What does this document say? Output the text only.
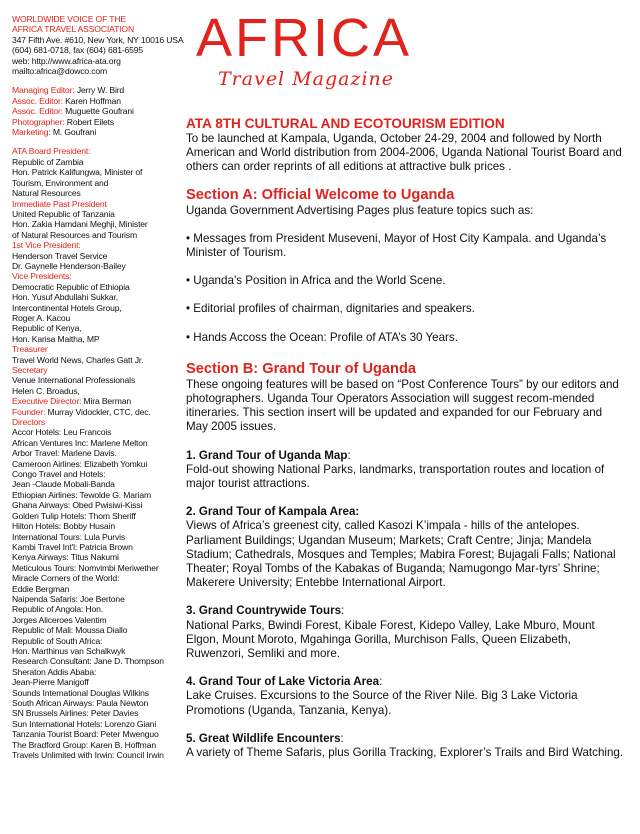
WORLDWIDE VOICE OF THE
AFRICA TRAVEL ASSOCIATION
347 Fifth Ave. #610, New York, NY 10016 USA
(604) 681-0718, fax (604) 681-6595
web: http://www.africa-ata.org
mailto:africa@dowco.com
Managing Editor: Jerry W. Bird
Assoc. Editor: Karen Hoffman
Assoc. Editor: Muguette Goufrani
Photographer: Robert Eilets
Marketing: M. Goufrani
ATA Board President:
Republic of Zambia
Hon. Patrick Kalifungwa, Minister of
Tourism, Environment and
Natural Resources
Immediate Past President
United Republic of Tanzania
Hon. Zakia Hamdani Meghji, Minister
of Natural Resources and Tourism
1st Vice President:
Henderson Travel Service
Dr. Gaynelle Henderson-Bailey
Vice Presidents:
Democratic Republic of Ethiopia
Hon. Yusuf Abdullahi Sukkar,
Intercontinental Hotels Group,
Roger A. Kacou
Republic of Kenya,
Hon. Karisa Maitha, MP
Treasurer
Travel World News, Charles Gatt Jr.
Secretary
Venue International Professionals
Helen C. Broadus,
Executive Director: Mira Berman
Founder: Murray Vidockler, CTC, dec.
Directors
Accor Hotels: Leu Francois
African Ventures Inc: Marlene Melton
Arbor Travel: Marlene Davis.
Cameroon Airlines: Elizabeth Yomkui
Congo Travel and Hotels:
Jean -Claude Mobali-Banda
Ethiopian Airlines: Tewolde G. Mariam
Ghana Airways: Obed Pwisiwi-Kissi
Golden Tulip Hotels: Thom Sheriff
Hilton Hotels: Bobby Husain
International Tours: Lula Purvis
Kambi Travel Int'l: Patricia Brown
Kenya Airways: Titus Nakumi
Meticulous Tours: Nomvimbi Meriwether
Miracle Corners of the World:
Eddie Bergman
Naipenda Safaris: Joe Bertone
Republic of Angola: Hon.
Jorges Aliceroes Valentim
Republic of Mali: Moussa Diallo
Republic of South Africa:
Hon. Marthinus van Schalkwyk
Research Consultant: Jane D. Thompson
Sheraton Addis Ababa:
Jean-Pierre Manigoff
Sounds International Douglas Wilkins
South African Airways: Paula Newton
SN Brussels Airlines: Peter Davies
Sun International Hotels: Lorenzo Giani
Tanzania Tourist Board: Peter Mwenguo
The Bradford Group: Karen B. Hoffman
Travels Unlimited with Irwin: Council Irwin
AFRICA
Travel Magazine
ATA 8TH CULTURAL AND ECOTOURISM EDITION

To be launched at Kampala, Uganda, October 24-29, 2004 and followed by North American and World distribution from 2004-2006, Uganda National Tourist Board and others can order reprints of all editions at attractive bulk prices .

Section A: Official Welcome to Uganda

Uganda Government Advertising Pages plus feature topics such as:

• Messages from President Museveni, Mayor of Host City Kampala. and Uganda’s Minister of Tourism.

• Uganda’s Position in Africa and the World Scene.

• Editorial profiles of chairman, dignitaries and speakers.

• Hands Accoss the Ocean: Profile of ATA’s 30 Years.

Section B: Grand Tour of Uganda

These ongoing features will be based on “Post Conference Tours” by our editors and photographers. Uganda Tour Operators Association will suggest recom-mended itineraries. This section insert will be updated and expanded for our February and May 2005 issues.

1. Grand Tour of Uganda Map:

Fold-out showing National Parks, landmarks, transportation routes and location of major tourist attractions.

2. Grand Tour of Kampala Area:

Views of Africa’s greenest city, called Kasozi K’impala - hills of the antelopes. Parliament Buildings; Ugandan Museum; Markets; Craft Centre; Jinja; Mandela Stadium; Cathedrals, Mosques and Temples; Mabira Forest; Bujagali Falls; National Theater; Royal Tombs of the Kabakas of Buganda; Namugongo Mar-tyrs’ Shrine; Makerere University; Entebbe International Airport.

3. Grand Countrywide Tours:

National Parks, Bwindi Forest, Kibale Forest, Kidepo Valley, Lake Mburo, Mount Elgon, Mount Moroto, Mgahinga Gorilla, Murchison Falls, Queen Elizabeth, Ruwenzori, Semliki and more.

4. Grand Tour of Lake Victoria Area:

Lake Cruises. Excursions to the Source of the River Nile. Big 3 Lake Victoria Promotions (Uganda, Tanzania, Kenya).

5. Great Wildlife Encounters:

A variety of Theme Safaris, plus Gorilla Tracking, Explorer’s Trails and Bird Watching.
